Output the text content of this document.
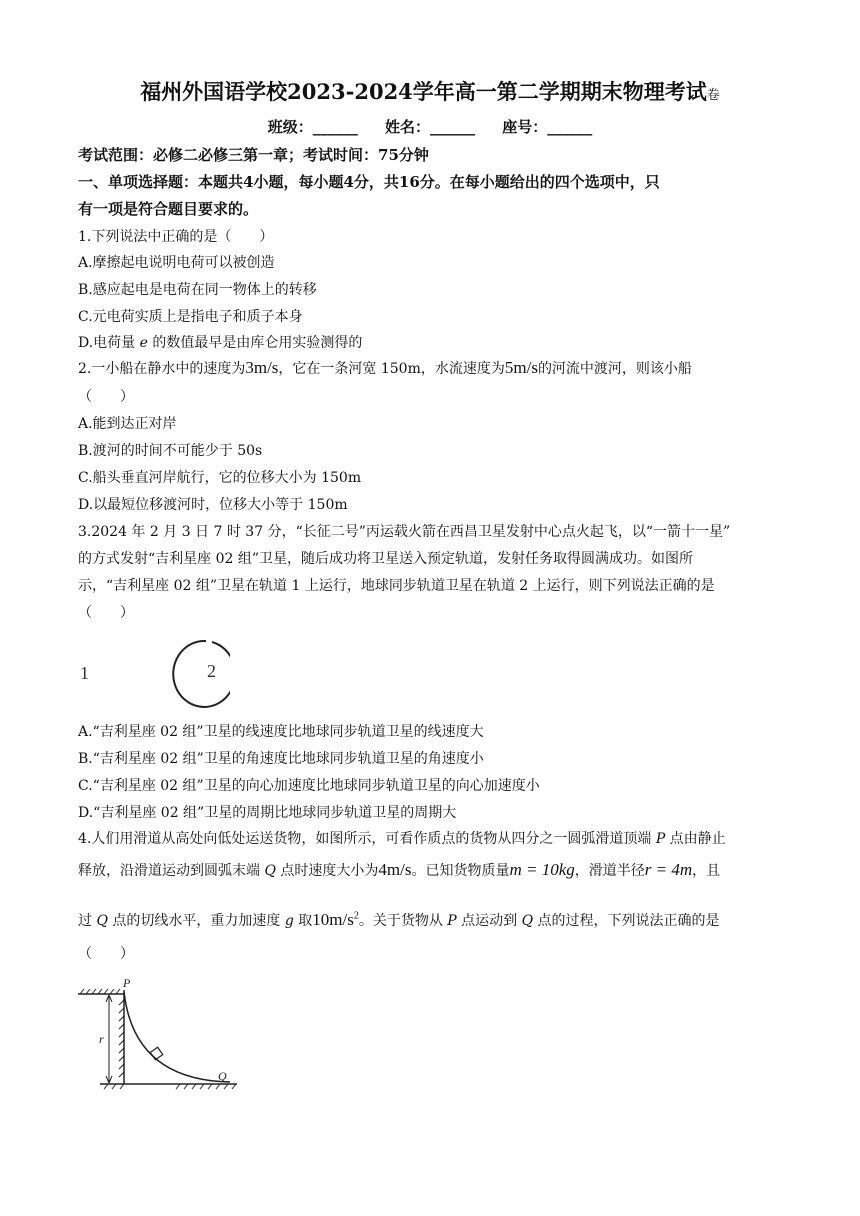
福州外国语学校2023-2024学年高一第二学期期末物理考试卷
班级：______ 姓名：______ 座号：______
考试范围：必修二必修三第一章；考试时间：75分钟
一、单项选择题：本题共4小题，每小题4分，共16分。在每小题给出的四个选项中，只
有一项是符合题目要求的。
1.下列说法中正确的是（　　）
A.摩擦起电说明电荷可以被创造
B.感应起电是电荷在同一物体上的转移
C.元电荷实质上是指电子和质子本身
D.电荷量 e 的数值最早是由库仑用实验测得的
2.一小船在静水中的速度为3m/s，它在一条河宽 150m，水流速度为5m/s的河流中渡河，则该小船
（　　）
A.能到达正对岸
B.渡河的时间不可能少于 50s
C.船头垂直河岸航行，它的位移大小为 150m
D.以最短位移渡河时，位移大小等于 150m
3.2024 年 2 月 3 日 7 时 37 分，“长征二号”丙运载火箭在西昌卫星发射中心点火起飞，以“一箭十一星”
的方式发射“吉利星座 02 组”卫星，随后成功将卫星送入预定轨道，发射任务取得圆满成功。如图所
示，“吉利星座 02 组”卫星在轨道 1 上运行，地球同步轨道卫星在轨道 2 上运行，则下列说法正确的是
（　　）
1	2
A.“吉利星座 02 组”卫星的线速度比地球同步轨道卫星的线速度大
B.“吉利星座 02 组”卫星的角速度比地球同步轨道卫星的角速度小
C.“吉利星座 02 组”卫星的向心加速度比地球同步轨道卫星的向心加速度小
D.“吉利星座 02 组”卫星的周期比地球同步轨道卫星的周期大
4.人们用滑道从高处向低处运送货物，如图所示，可看作质点的货物从四分之一圆弧滑道顶端 P 点由静止
释放，沿滑道运动到圆弧末端 Q 点时速度大小为4m/s。已知货物质量m = 10kg，滑道半径r = 4m，且
过 Q 点的切线水平，重力加速度 g 取$10m/s^2$。关于货物从 P 点运动到 Q 点的过程，下列说法正确的是
（　　）
P
r
Q
